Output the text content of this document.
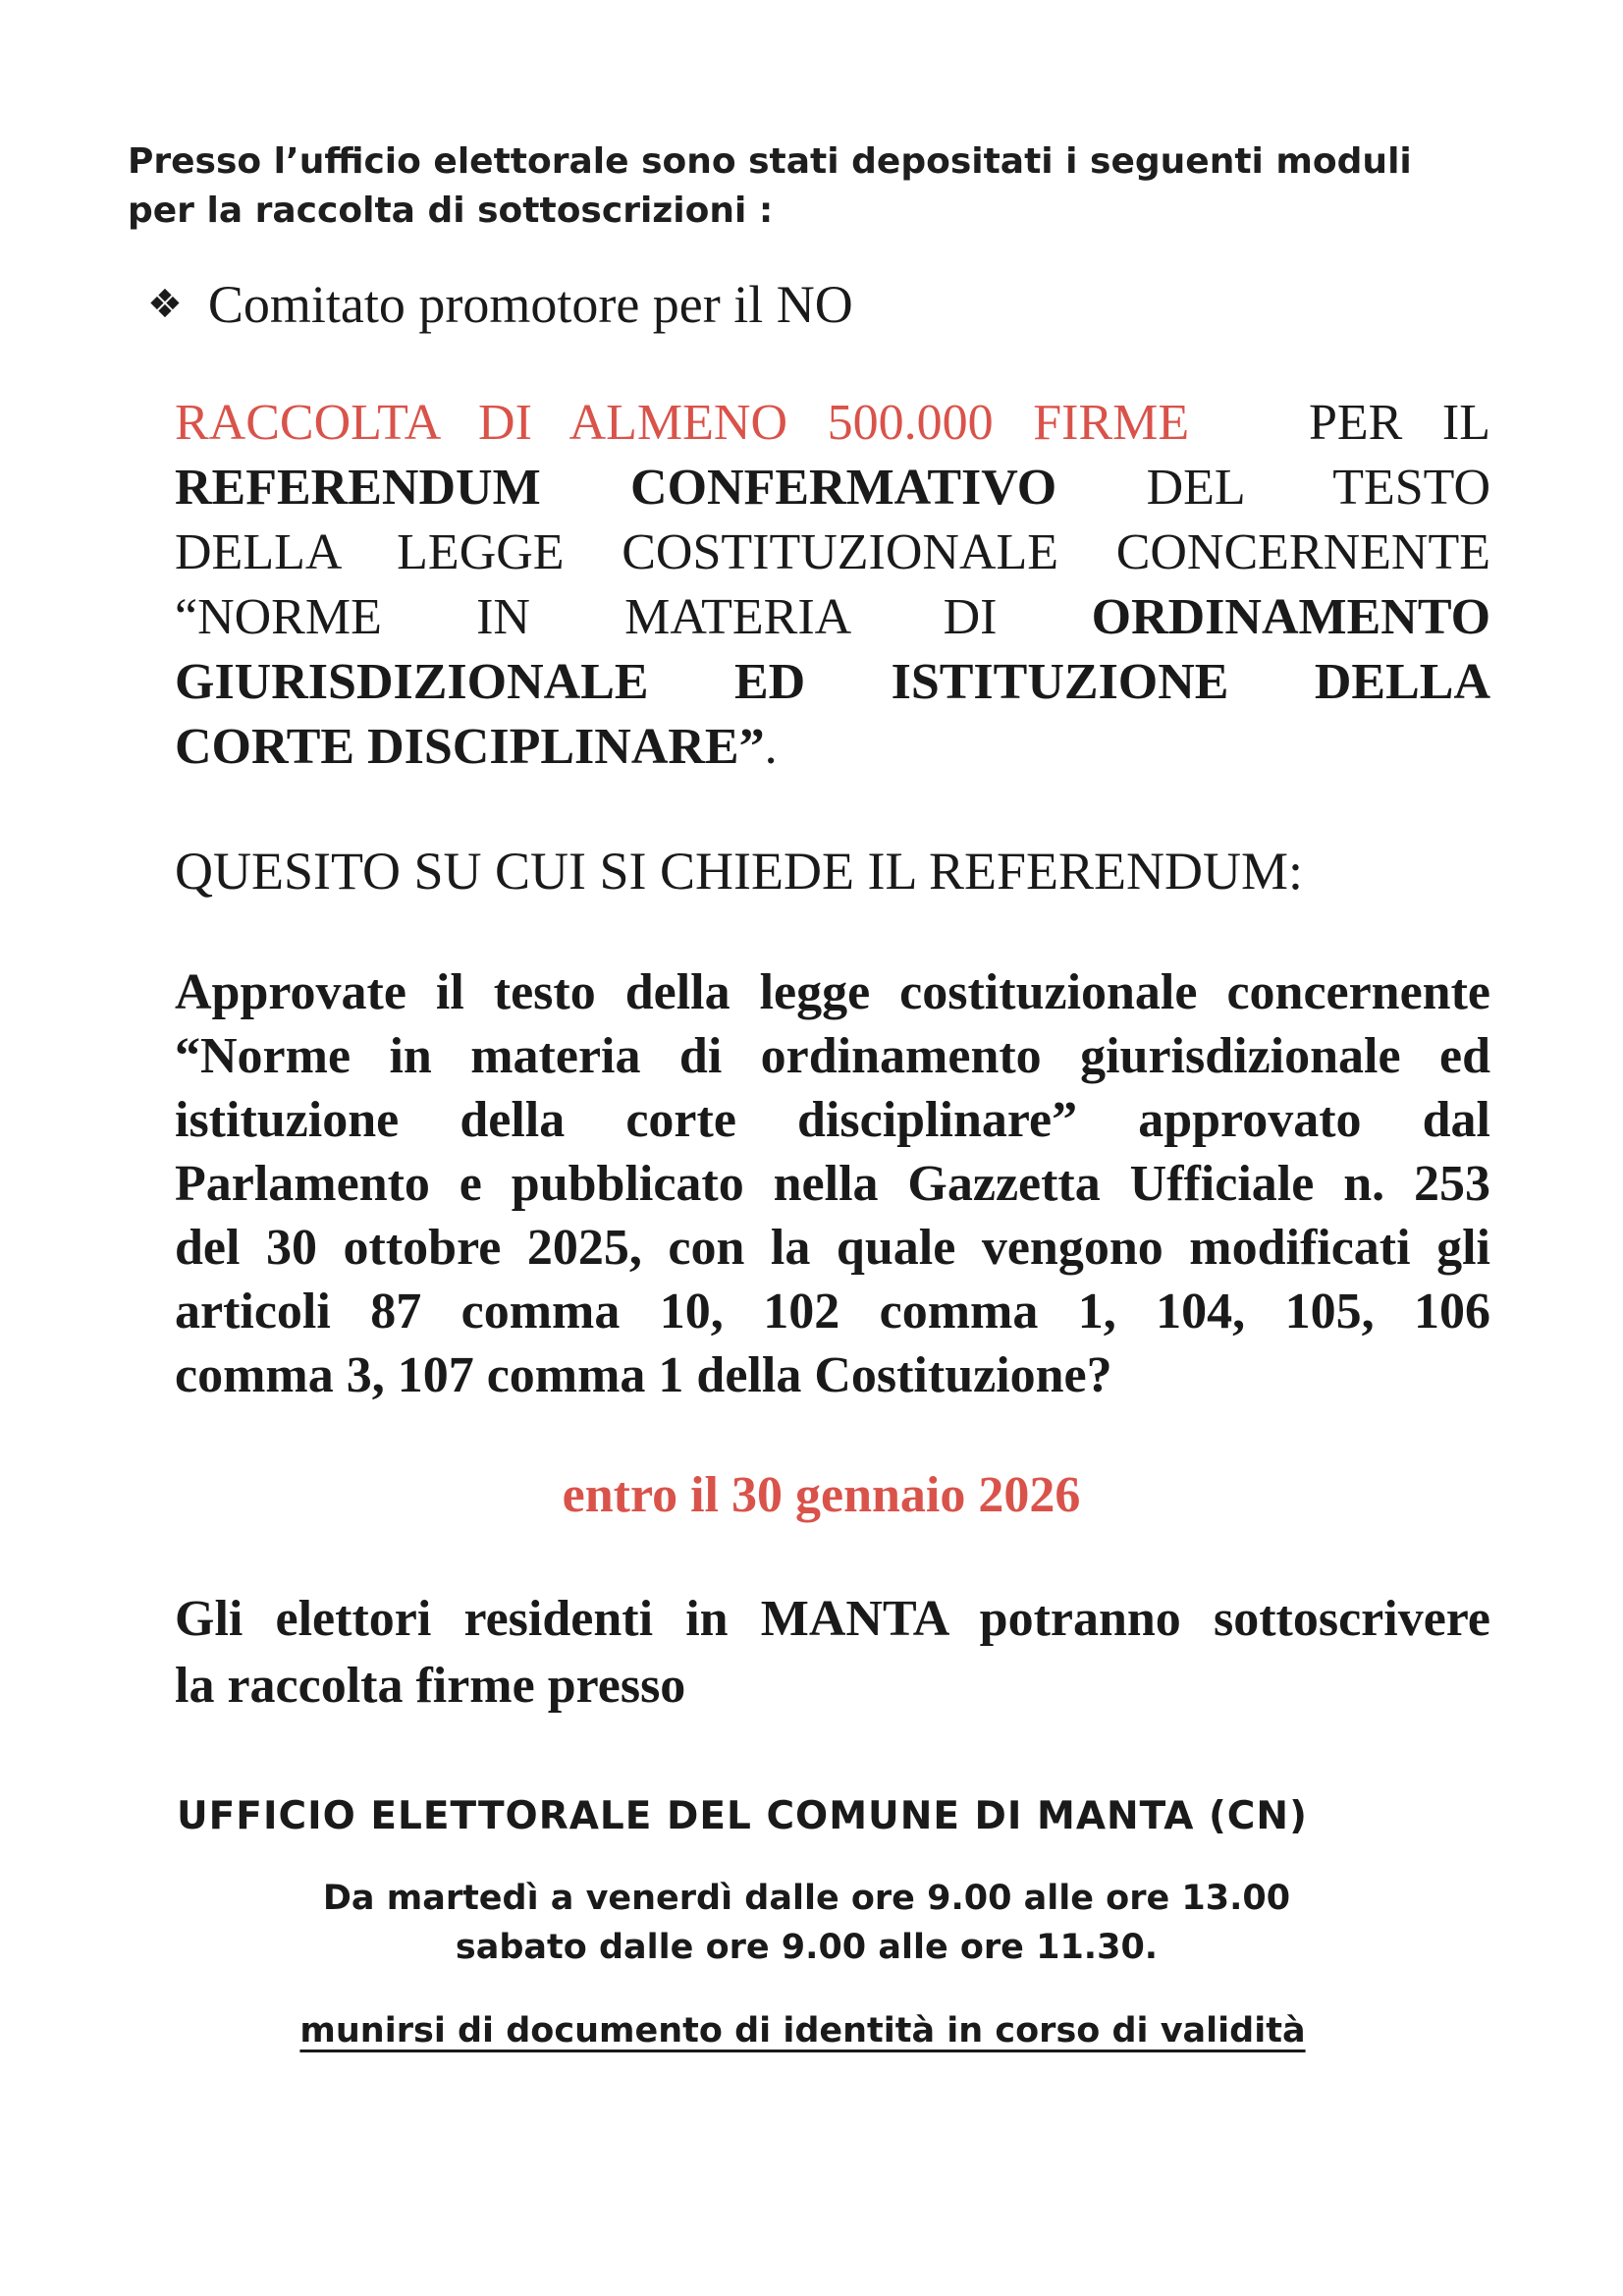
Presso l’ufficio elettorale sono stati depositati i seguenti moduli
per la raccolta di sottoscrizioni :
❖ Comitato promotore per il NO
RACCOLTA DI ALMENO 500.000 FIRME PER IL
REFERENDUM CONFERMATIVO DEL TESTO
DELLA LEGGE COSTITUZIONALE CONCERNENTE
“NORME IN MATERIA DI ORDINAMENTO
GIURISDIZIONALE ED ISTITUZIONE DELLA
CORTE DISCIPLINARE”.
QUESITO SU CUI SI CHIEDE IL REFERENDUM:
Approvate il testo della legge costituzionale concernente
“Norme in materia di ordinamento giurisdizionale ed
istituzione della corte disciplinare” approvato dal
Parlamento e pubblicato nella Gazzetta Ufficiale n. 253
del 30 ottobre 2025, con la quale vengono modificati gli
articoli 87 comma 10, 102 comma 1, 104, 105, 106
comma 3, 107 comma 1 della Costituzione?
entro il 30 gennaio 2026
Gli elettori residenti in MANTA potranno sottoscrivere
la raccolta firme presso
UFFICIO ELETTORALE DEL COMUNE DI MANTA (CN)
Da martedì a venerdì dalle ore 9.00 alle ore 13.00
sabato dalle ore 9.00 alle ore 11.30.
munirsi di documento di identità in corso di validità
